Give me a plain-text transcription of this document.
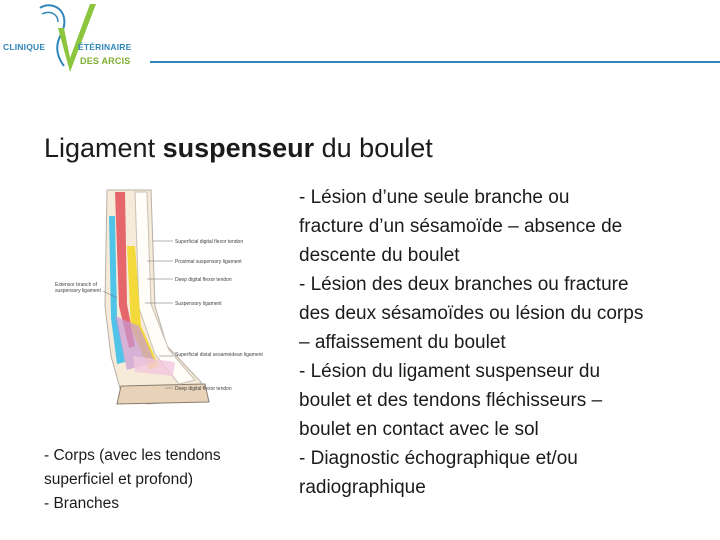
CLINIQUE	ÉTÉRINAIRE
DES ARCIS
Ligament suspenseur du boulet
Superficial digital flexor tendon
Proximal suspensory ligament
Deep digital flexor tendon
Suspensory ligament
Superficial distal sesamoidean ligament
Deep digital flexor tendon
Extensor branch of suspensory ligament
- Corps (avec les tendons
superficiel et profond)
- Branches
- Lésion d’une seule branche ou
fracture d’un sésamoïde – absence de
descente du boulet
- Lésion des deux branches ou fracture
des deux sésamoïdes ou lésion du corps
– affaissement du boulet
- Lésion du ligament suspenseur du
boulet et des tendons fléchisseurs –
boulet en contact avec le sol
- Diagnostic échographique et/ou
radiographique
